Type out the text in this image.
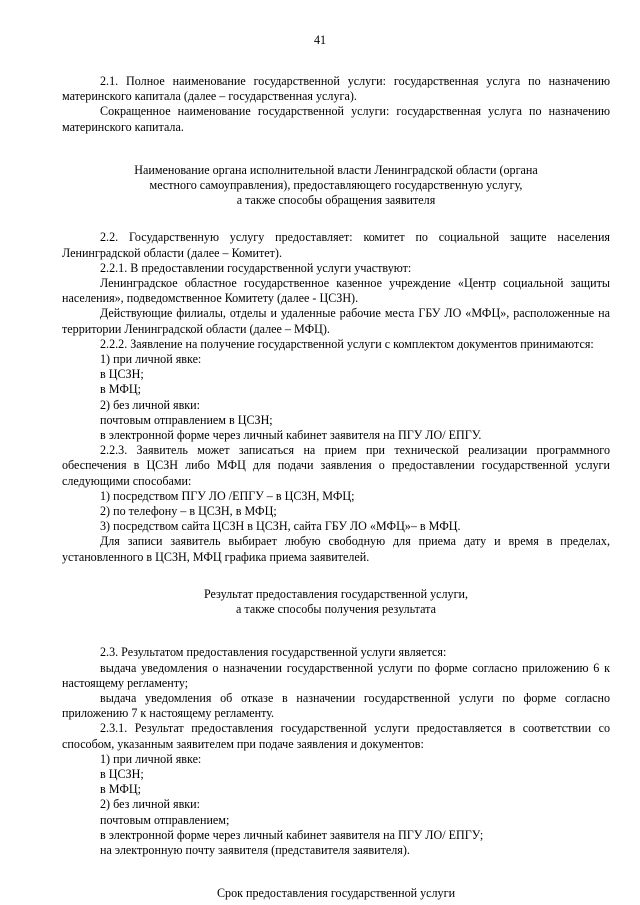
41

2.1. Полное наименование государственной услуги: государственная услуга по назначению материнского капитала (далее – государственная услуга).

Сокращенное наименование государственной услуги: государственная услуга по назначению материнского капитала.

Наименование органа исполнительной власти Ленинградской области (органа

местного самоуправления), предоставляющего государственную услугу,

а также способы обращения заявителя

2.2. Государственную услугу предоставляет: комитет по социальной защите населения Ленинградской области (далее – Комитет).

2.2.1. В предоставлении государственной услуги участвуют:

Ленинградское областное государственное казенное учреждение «Центр социальной защиты населения», подведомственное Комитету (далее - ЦСЗН).

Действующие филиалы, отделы и удаленные рабочие места ГБУ ЛО «МФЦ», расположенные на территории Ленинградской области (далее – МФЦ).

2.2.2. Заявление на получение государственной услуги с комплектом документов принимаются:

1) при личной явке:

в ЦСЗН;

в МФЦ;

2) без личной явки:

почтовым отправлением в ЦСЗН;

в электронной форме через личный кабинет заявителя на ПГУ ЛО/ ЕПГУ.

2.2.3. Заявитель может записаться на прием при технической реализации программного обеспечения в ЦСЗН либо МФЦ для подачи заявления о предоставлении государственной услуги следующими способами:

1) посредством ПГУ ЛО /ЕПГУ – в ЦСЗН, МФЦ;

2) по телефону – в ЦСЗН, в МФЦ;

3) посредством сайта ЦСЗН в ЦСЗН, сайта ГБУ ЛО «МФЦ»– в МФЦ.

Для записи заявитель выбирает любую свободную для приема дату и время в пределах, установленного в ЦСЗН, МФЦ графика приема заявителей.

Результат предоставления государственной услуги,

а также способы получения результата

2.3. Результатом предоставления государственной услуги является:

выдача уведомления о назначении государственной услуги по форме согласно приложению 6 к настоящему регламенту;

выдача уведомления об отказе в назначении государственной услуги по форме согласно приложению 7 к настоящему регламенту.

2.3.1. Результат предоставления государственной услуги предоставляется в соответствии со способом, указанным заявителем при подаче заявления и документов:

1) при личной явке:

в ЦСЗН;

в МФЦ;

2) без личной явки:

почтовым отправлением;

в электронной форме через личный кабинет заявителя на ПГУ ЛО/ ЕПГУ;

на электронную почту заявителя (представителя заявителя).

Срок предоставления государственной услуги
